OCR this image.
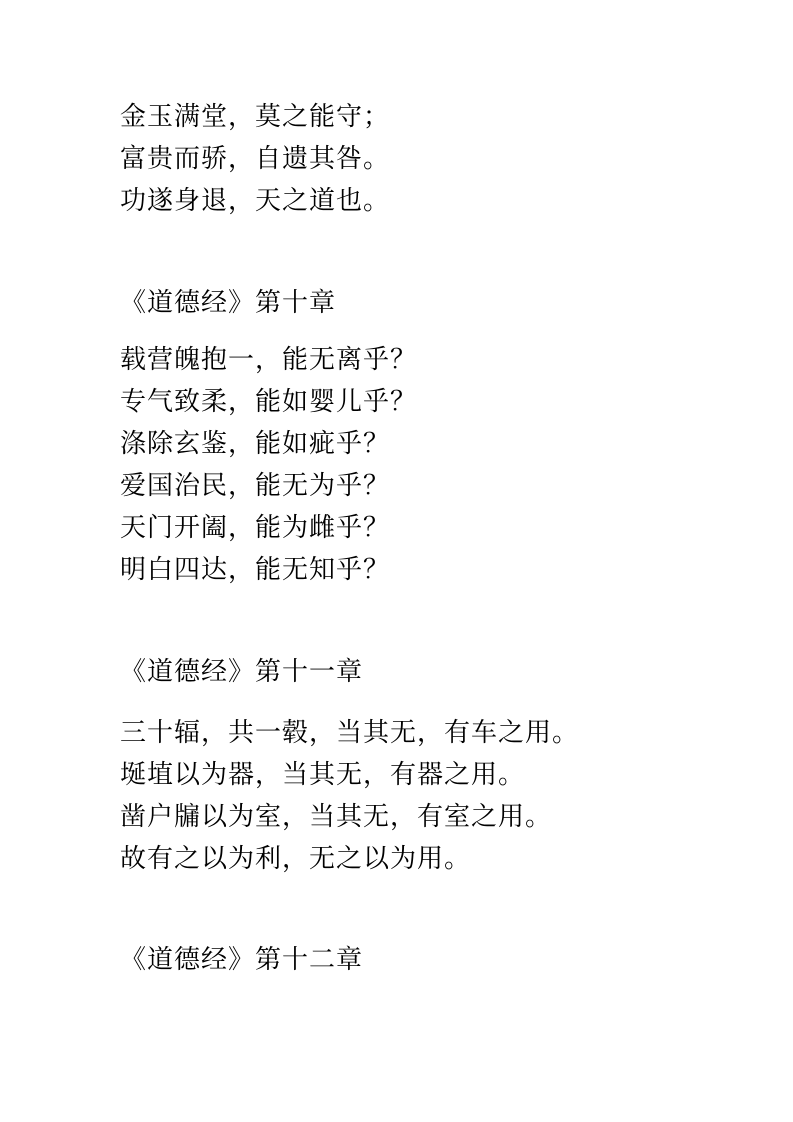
金玉满堂，莫之能守；
富贵而骄，自遗其咎。
功遂身退，天之道也。
《道德经》第十章
载营魄抱一，能无离乎？
专气致柔，能如婴儿乎？
涤除玄鉴，能如疵乎？
爱国治民，能无为乎？
天门开阖，能为雌乎？
明白四达，能无知乎？
《道德经》第十一章
三十辐，共一毂，当其无，有车之用。
埏埴以为器，当其无，有器之用。
凿户牖以为室，当其无，有室之用。
故有之以为利，无之以为用。
《道德经》第十二章
